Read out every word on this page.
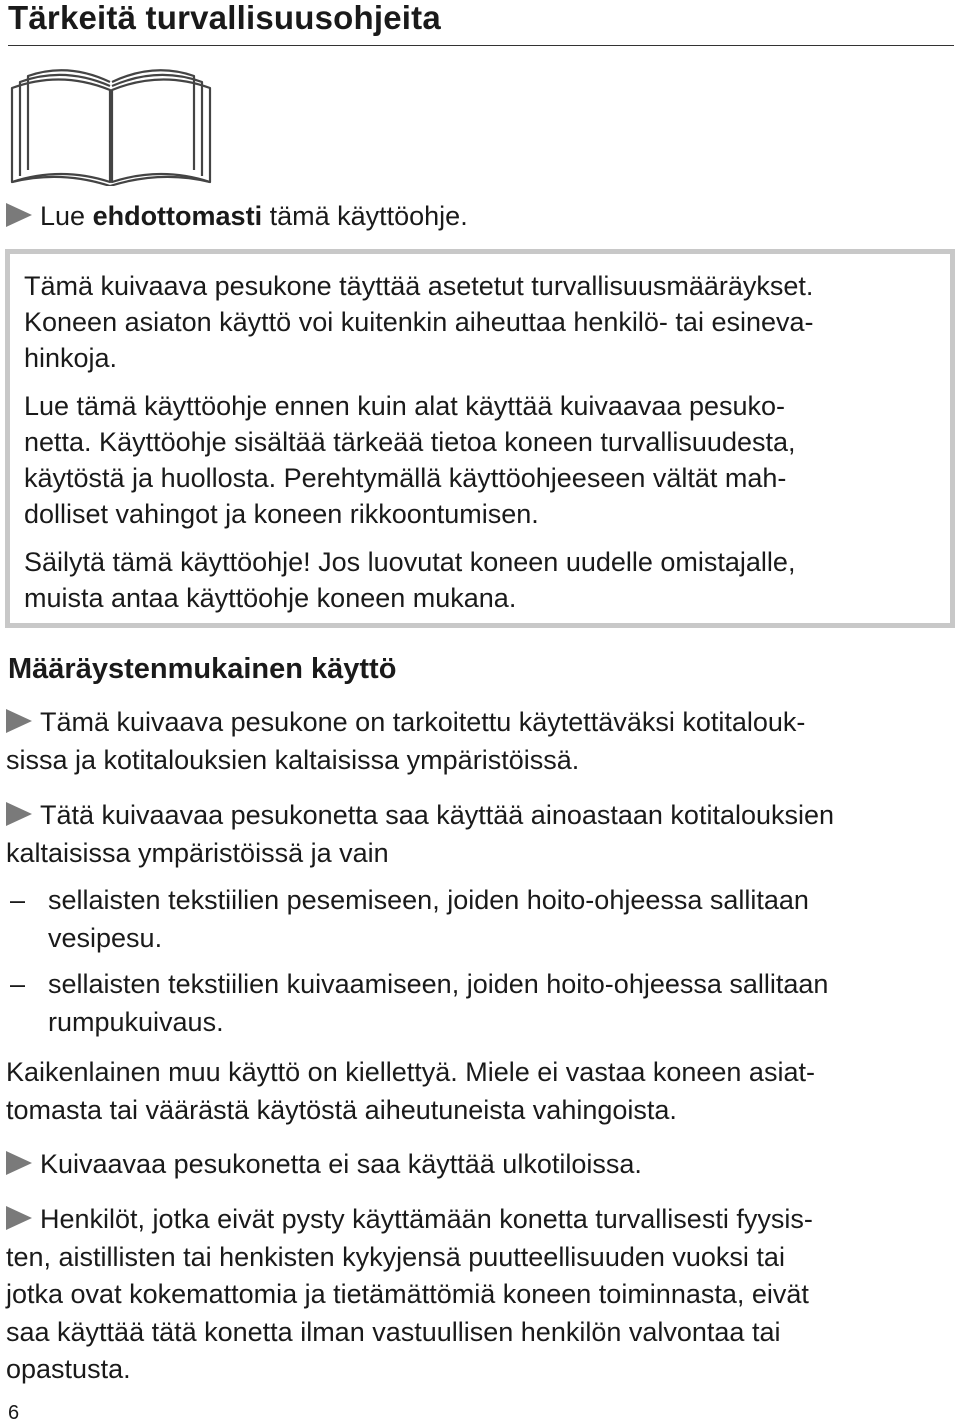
Tärkeitä turvallisuusohjeita
Lue ehdottomasti tämä käyttöohje.
Tämä kuivaava pesukone täyttää asetetut turvallisuusmääräykset.
Koneen asiaton käyttö voi kuitenkin aiheuttaa henkilö- tai esineva-
hinkoja.
Lue tämä käyttöohje ennen kuin alat käyttää kuivaavaa pesuko-
netta. Käyttöohje sisältää tärkeää tietoa koneen turvallisuudesta,
käytöstä ja huollosta. Perehtymällä käyttöohjeeseen vältät mah-
dolliset vahingot ja koneen rikkoontumisen.
Säilytä tämä käyttöohje! Jos luovutat koneen uudelle omistajalle,
muista antaa käyttöohje koneen mukana.
Määräystenmukainen käyttö
Tämä kuivaava pesukone on tarkoitettu käytettäväksi kotitalouk-
sissa ja kotitalouksien kaltaisissa ympäristöissä.
Tätä kuivaavaa pesukonetta saa käyttää ainoastaan kotitalouksien
kaltaisissa ympäristöissä ja vain
– sellaisten tekstiilien pesemiseen, joiden hoito-ohjeessa sallitaan
vesipesu.
– sellaisten tekstiilien kuivaamiseen, joiden hoito-ohjeessa sallitaan
rumpukuivaus.
Kaikenlainen muu käyttö on kiellettyä. Miele ei vastaa koneen asiat-
tomasta tai väärästä käytöstä aiheutuneista vahingoista.
Kuivaavaa pesukonetta ei saa käyttää ulkotiloissa.
Henkilöt, jotka eivät pysty käyttämään konetta turvallisesti fyysis-
ten, aistillisten tai henkisten kykyjensä puutteellisuuden vuoksi tai
jotka ovat kokemattomia ja tietämättömiä koneen toiminnasta, eivät
saa käyttää tätä konetta ilman vastuullisen henkilön valvontaa tai
opastusta.
6
